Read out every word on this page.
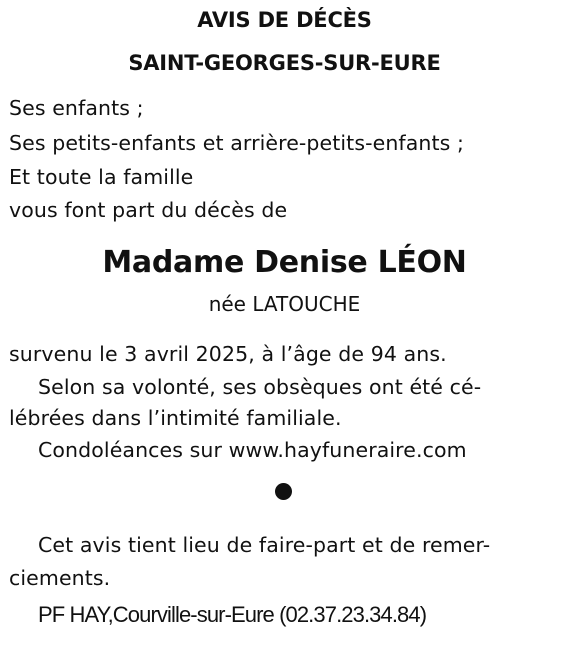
AVIS DE DÉCÈS
SAINT-GEORGES-SUR-EURE
Ses enfants ;
Ses petits-enfants et arrière-petits-enfants ;
Et toute la famille
vous font part du décès de
Madame Denise LÉON
née LATOUCHE
survenu le 3 avril 2025, à l’âge de 94 ans.
Selon sa volonté, ses obsèques ont été cé-
lébrées dans l’intimité familiale.
Condoléances sur www.hayfuneraire.com
Cet avis tient lieu de faire-part et de remer-
ciements.
PF HAY,Courville-sur-Eure (02.37.23.34.84)
